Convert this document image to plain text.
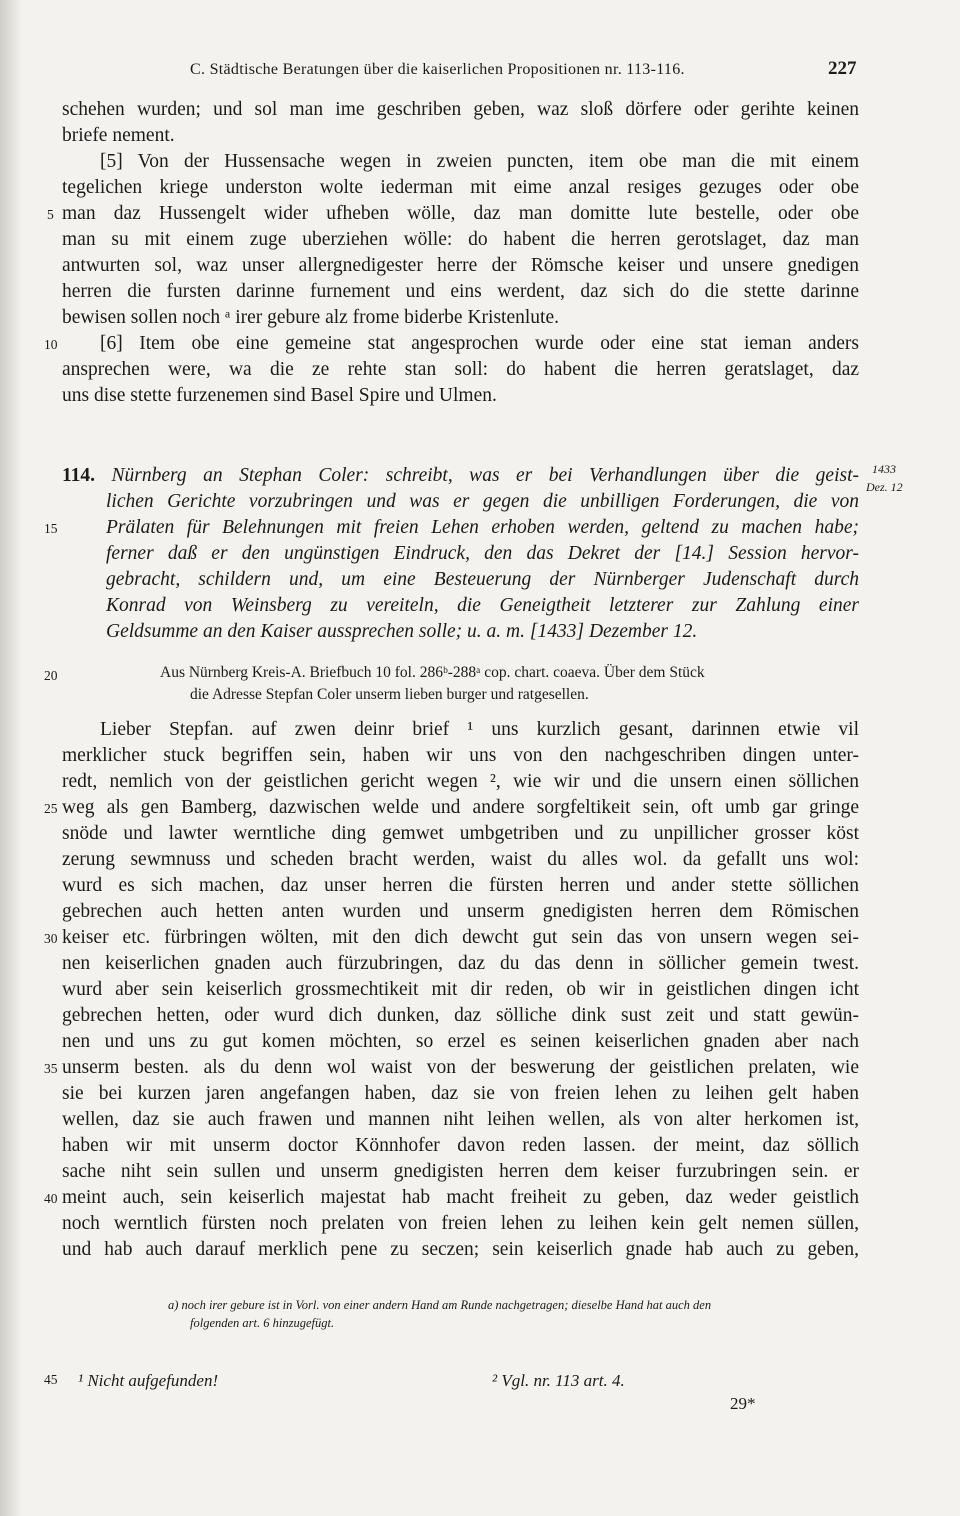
C. Städtische Beratungen über die kaiserlichen Propositionen nr. 113-116.	227
schehen wurden; und sol man ime geschriben geben, waz sloß dörfere oder gerihte keinen
briefe nement.
[5] Von der Hussensache wegen in zweien puncten, item obe man die mit einem
tegelichen kriege underston wolte iederman mit eime anzal resiges gezuges oder obe
man daz Hussengelt wider ufheben wölle, daz man domitte lute bestelle, oder obe
man su mit einem zuge uberziehen wölle: do habent die herren gerotslaget, daz man
antwurten sol, waz unser allergnedigester herre der Römsche keiser und unsere gnedigen
herren die fursten darinne furnement und eins werdent, daz sich do die stette darinne
bewisen sollen noch ᵃ irer gebure alz frome biderbe Kristenlute.
[6] Item obe eine gemeine stat angesprochen wurde oder eine stat ieman anders
ansprechen were, wa die ze rehte stan soll: do habent die herren geratslaget, daz
uns dise stette furzenemen sind Basel Spire und Ulmen.
114. Nürnberg an Stephan Coler: schreibt, was er bei Verhandlungen über die geist-
lichen Gerichte vorzubringen und was er gegen die unbilligen Forderungen, die von
Prälaten für Belehnungen mit freien Lehen erhoben werden, geltend zu machen habe;
ferner daß er den ungünstigen Eindruck, den das Dekret der [14.] Session hervor-
gebracht, schildern und, um eine Besteuerung der Nürnberger Judenschaft durch
Konrad von Weinsberg zu vereiteln, die Geneigtheit letzterer zur Zahlung einer
Geldsumme an den Kaiser aussprechen solle; u. a. m. [1433] Dezember 12.
1433
Dez. 12
Aus Nürnberg Kreis-A. Briefbuch 10 fol. 286ᵇ-288ᵃ cop. chart. coaeva. Über dem Stück
die Adresse Stepfan Coler unserm lieben burger und ratgesellen.
Lieber Stepfan. auf zwen deinr brief ¹ uns kurzlich gesant, darinnen etwie vil
merklicher stuck begriffen sein, haben wir uns von den nachgeschriben dingen unter-
redt, nemlich von der geistlichen gericht wegen ², wie wir und die unsern einen söllichen
weg als gen Bamberg, dazwischen welde und andere sorgfeltikeit sein, oft umb gar gringe
snöde und lawter werntliche ding gemwet umbgetriben und zu unpillicher grosser köst
zerung sewmnuss und scheden bracht werden, waist du alles wol. da gefallt uns wol:
wurd es sich machen, daz unser herren die fürsten herren und ander stette söllichen
gebrechen auch hetten anten wurden und unserm gnedigisten herren dem Römischen
keiser etc. fürbringen wölten, mit den dich dewcht gut sein das von unsern wegen sei-
nen keiserlichen gnaden auch fürzubringen, daz du das denn in söllicher gemein twest.
wurd aber sein keiserlich grossmechtikeit mit dir reden, ob wir in geistlichen dingen icht
gebrechen hetten, oder wurd dich dunken, daz sölliche dink sust zeit und statt gewün-
nen und uns zu gut komen möchten, so erzel es seinen keiserlichen gnaden aber nach
unserm besten. als du denn wol waist von der beswerung der geistlichen prelaten, wie
sie bei kurzen jaren angefangen haben, daz sie von freien lehen zu leihen gelt haben
wellen, daz sie auch frawen und mannen niht leihen wellen, als von alter herkomen ist,
haben wir mit unserm doctor Könnhofer davon reden lassen. der meint, daz söllich
sache niht sein sullen und unserm gnedigisten herren dem keiser furzubringen sein. er
meint auch, sein keiserlich majestat hab macht freiheit zu geben, daz weder geistlich
noch werntlich fürsten noch prelaten von freien lehen zu leihen kein gelt nemen süllen,
und hab auch darauf merklich pene zu seczen; sein keiserlich gnade hab auch zu geben,
a) noch irer gebure ist in Vorl. von einer andern Hand am Runde nachgetragen; dieselbe Hand hat auch den
folgenden art. 6 hinzugefügt.
¹ Nicht aufgefunden!	² Vgl. nr. 113 art. 4.
29*
5
10
15
20
25
30
35
40
45
